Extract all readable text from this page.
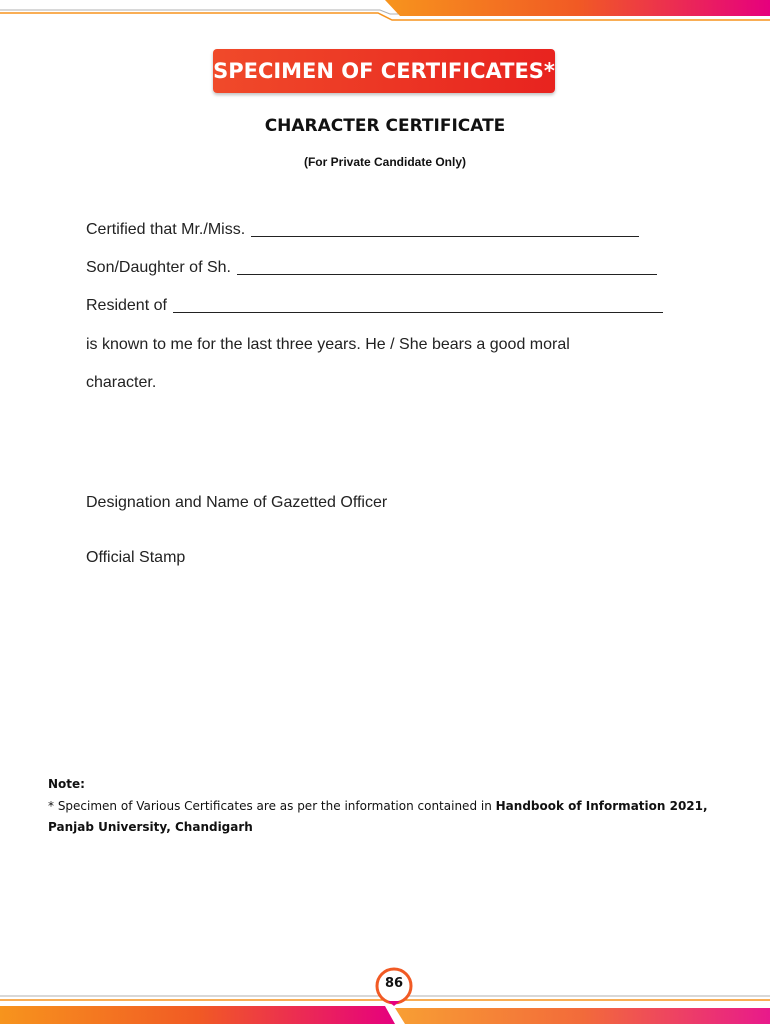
SPECIMEN OF CERTIFICATES*
CHARACTER CERTIFICATE
(For Private Candidate Only)
Certified that Mr./Miss.
Son/Daughter of Sh.
Resident of
is known to me for the last three years. He / She bears a good moral
character.
Designation and Name of Gazetted Officer
Official Stamp
Note:
* Specimen of Various Certificates are as per the information contained in Handbook of Information 2021, Panjab University, Chandigarh
86
